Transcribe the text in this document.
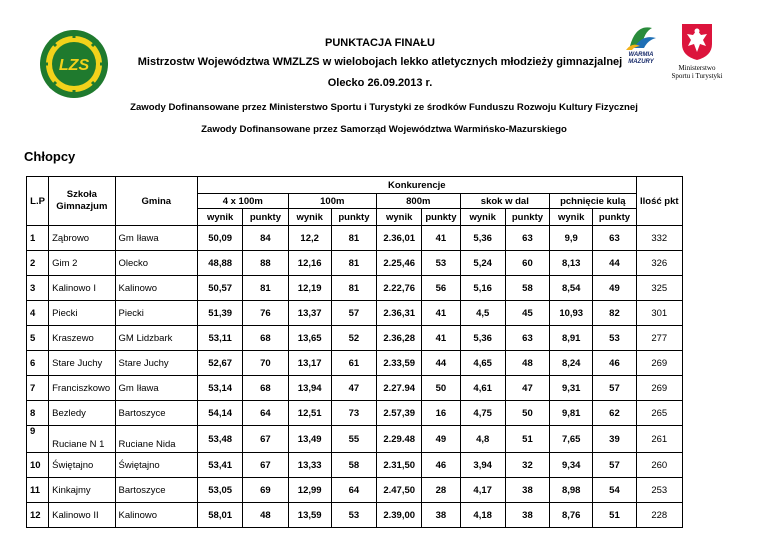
LZS
WARMIA
MAZURY
Ministerstwo
Sportu i Turystyki
PUNKTACJA FINAŁU
Mistrzostw Województwa WMZLZS w wielobojach lekko atletycznych młodzieży gimnazjalnej
Olecko 26.09.2013 r.
Zawody Dofinansowane przez Ministerstwo Sportu i Turystyki ze środków Funduszu Rozwoju Kultury Fizycznej
Zawody Dofinansowane przez Samorząd Województwa Warmińsko-Mazurskiego
Chłopcy
L.P	Szkoła Gimnazjum	Gmina	Konkurencje										Ilość pkt
			4 x 100m		100m		800m		skok w dal		pchnięcie kulą		
			wynik	punkty	wynik	punkty	wynik	punkty	wynik	punkty	wynik	punkty	
1	Ząbrowo	Gm Iława	50,09	84	12,2	81	2.36,01	41	5,36	63	9,9	63	332
2	Gim 2	Olecko	48,88	88	12,16	81	2.25,46	53	5,24	60	8,13	44	326
3	Kalinowo I	Kalinowo	50,57	81	12,19	81	2.22,76	56	5,16	58	8,54	49	325
4	Piecki	Piecki	51,39	76	13,37	57	2.36,31	41	4,5	45	10,93	82	301
5	Kraszewo	GM Lidzbark	53,11	68	13,65	52	2.36,28	41	5,36	63	8,91	53	277
6	Stare Juchy	Stare Juchy	52,67	70	13,17	61	2.33,59	44	4,65	48	8,24	46	269
7	Franciszkowo	Gm Iława	53,14	68	13,94	47	2.27.94	50	4,61	47	9,31	57	269
8	Bezledy	Bartoszyce	54,14	64	12,51	73	2.57,39	16	4,75	50	9,81	62	265
9	Ruciane N 1	Ruciane Nida	53,48	67	13,49	55	2.29.48	49	4,8	51	7,65	39	261
10	Świętajno	Świętajno	53,41	67	13,33	58	2.31,50	46	3,94	32	9,34	57	260
11	Kinkajmy	Bartoszyce	53,05	69	12,99	64	2.47,50	28	4,17	38	8,98	54	253
12	Kalinowo II	Kalinowo	58,01	48	13,59	53	2.39,00	38	4,18	38	8,76	51	228
